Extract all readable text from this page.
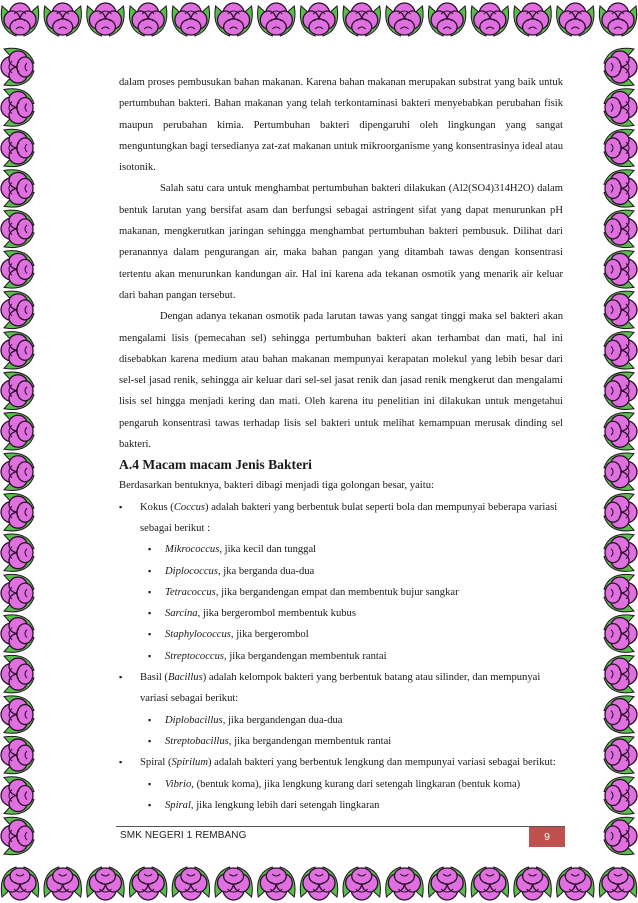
dalam proses pembusukan bahan makanan. Karena bahan makanan merupakan substrat yang baik untuk pertumbuhan bakteri. Bahan makanan yang telah terkontaminasi bakteri menyebabkan perubahan fisik maupun perubahan kimia. Pertumbuhan bakteri dipengaruhi oleh lingkungan yang sangat menguntungkan bagi tersedianya zat-zat makanan untuk mikroorganisme yang konsentrasinya ideal atau isotonik.

Salah satu cara untuk menghambat pertumbuhan bakteri dilakukan (Al2(SO4)314H2O) dalam bentuk larutan yang bersifat asam dan berfungsi sebagai astringent sifat yang dapat menurunkan pH makanan, mengkerutkan jaringan sehingga menghambat pertumbuhan bakteri pembusuk. Dilihat dari peranannya dalam pengurangan air, maka bahan pangan yang ditambah tawas dengan konsentrasi tertentu akan menurunkan kandungan air. Hal ini karena ada tekanan osmotik yang menarik air keluar dari bahan pangan tersebut.

Dengan adanya tekanan osmotik pada larutan tawas yang sangat tinggi maka sel bakteri akan mengalami lisis (pemecahan sel) sehingga pertumbuhan bakteri akan terhambat dan mati, hal ini disebabkan karena medium atau bahan makanan mempunyai kerapatan molekul yang lebih besar dari sel-sel jasad renik, sehingga air keluar dari sel-sel jasat renik dan jasad renik mengkerut dan mengalami lisis sel hingga menjadi kering dan mati. Oleh karena itu penelitian ini dilakukan untuk mengetahui pengaruh konsentrasi tawas terhadap lisis sel bakteri untuk melihat kemampuan merusak dinding sel bakteri.

A.4 Macam macam Jenis Bakteri

Berdasarkan bentuknya, bakteri dibagi menjadi tiga golongan besar, yaitu:

▪ Kokus (Coccus) adalah bakteri yang berbentuk bulat seperti bola dan mempunyai beberapa variasi sebagai berikut :
▪ Mikrococcus, jika kecil dan tunggal
▪ Diplococcus, jka berganda dua-dua
▪ Tetracoccus, jika bergandengan empat dan membentuk bujur sangkar
▪ Sarcina, jika bergerombol membentuk kubus
▪ Staphylococcus, jika bergerombol
▪ Streptococcus, jika bergandengan membentuk rantai
▪ Basil (Bacillus) adalah kelompok bakteri yang berbentuk batang atau silinder, dan mempunyai variasi sebagai berikut:
▪ Diplobacillus, jika bergandengan dua-dua
▪ Streptobacillus, jika bergandengan membentuk rantai
▪ Spiral (Spirilum) adalah bakteri yang berbentuk lengkung dan mempunyai variasi sebagai berikut:
▪ Vibrio, (bentuk koma), jika lengkung kurang dari setengah lingkaran (bentuk koma)
▪ Spiral, jika lengkung lebih dari setengah lingkaran
SMK NEGERI 1 REMBANG	9
